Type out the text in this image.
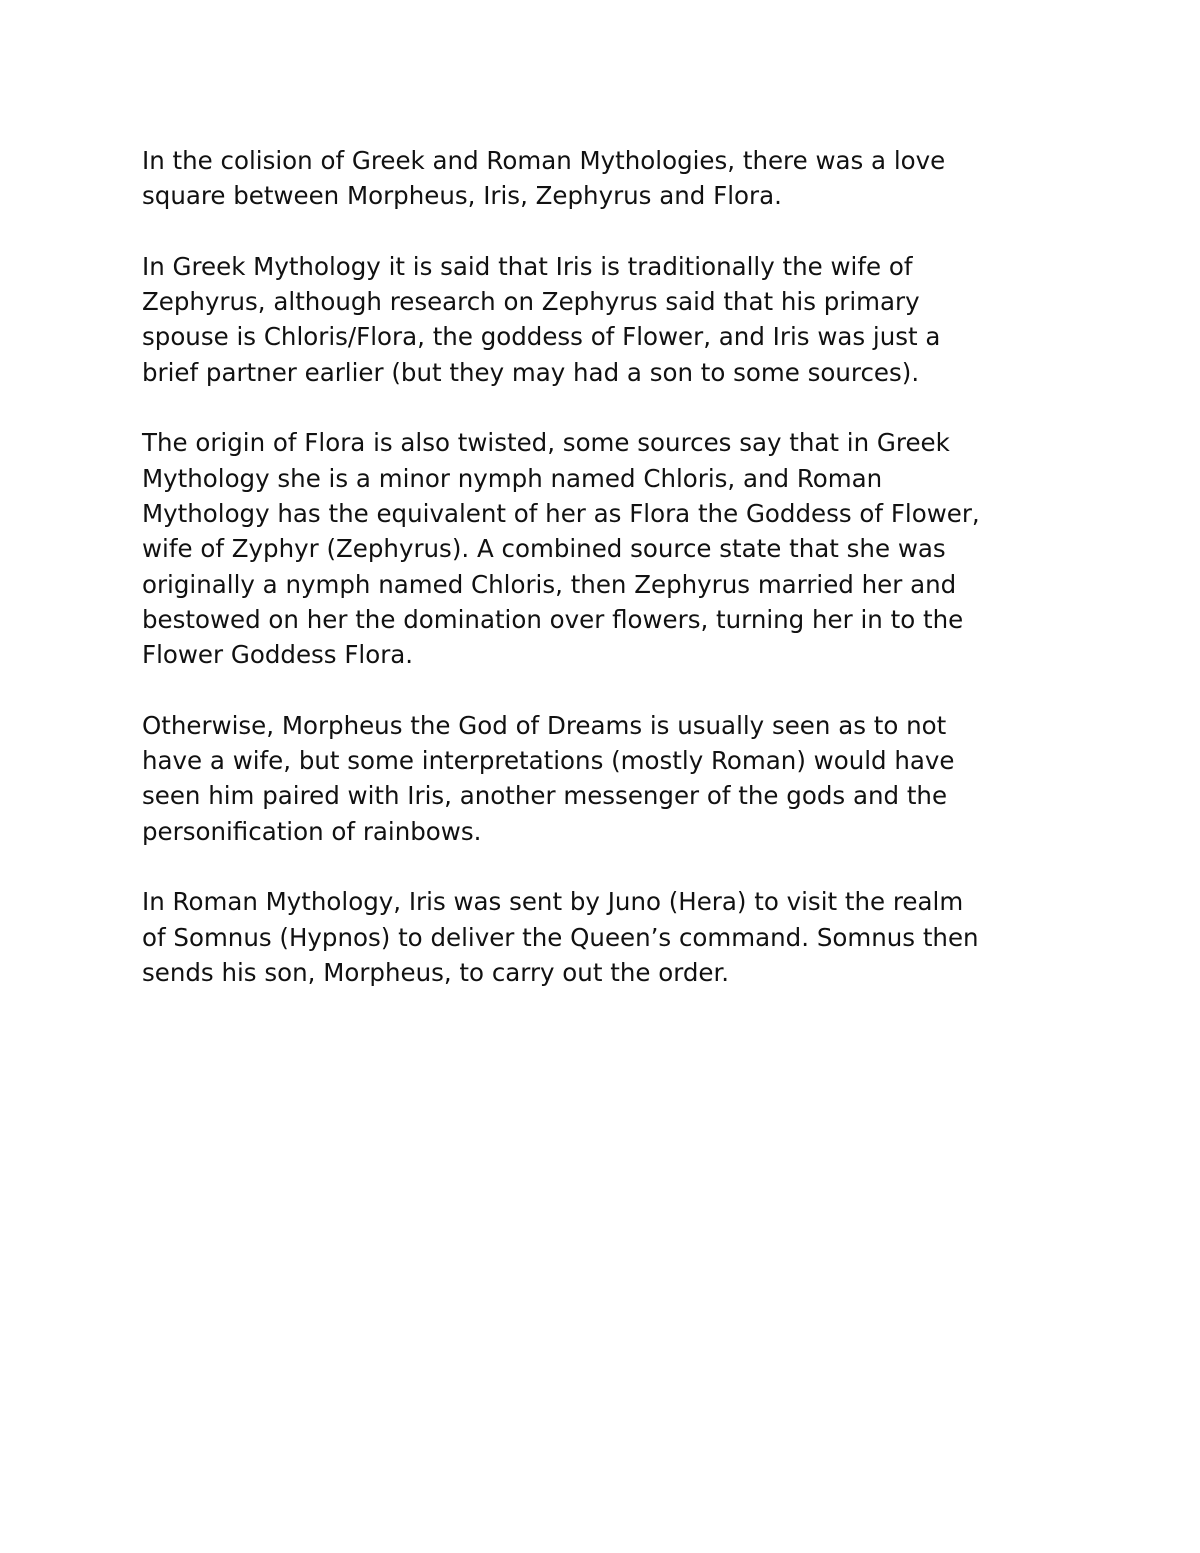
In the colision of Greek and Roman Mythologies, there was a love
square between Morpheus, Iris, Zephyrus and Flora.

In Greek Mythology it is said that Iris is traditionally the wife of
Zephyrus, although research on Zephyrus said that his primary
spouse is Chloris/Flora, the goddess of Flower, and Iris was just a
brief partner earlier (but they may had a son to some sources).

The origin of Flora is also twisted, some sources say that in Greek
Mythology she is a minor nymph named Chloris, and Roman
Mythology has the equivalent of her as Flora the Goddess of Flower,
wife of Zyphyr (Zephyrus). A combined source state that she was
originally a nymph named Chloris, then Zephyrus married her and
bestowed on her the domination over flowers, turning her in to the
Flower Goddess Flora.

Otherwise, Morpheus the God of Dreams is usually seen as to not
have a wife, but some interpretations (mostly Roman) would have
seen him paired with Iris, another messenger of the gods and the
personification of rainbows.

In Roman Mythology, Iris was sent by Juno (Hera) to visit the realm
of Somnus (Hypnos) to deliver the Queen’s command. Somnus then
sends his son, Morpheus, to carry out the order.
